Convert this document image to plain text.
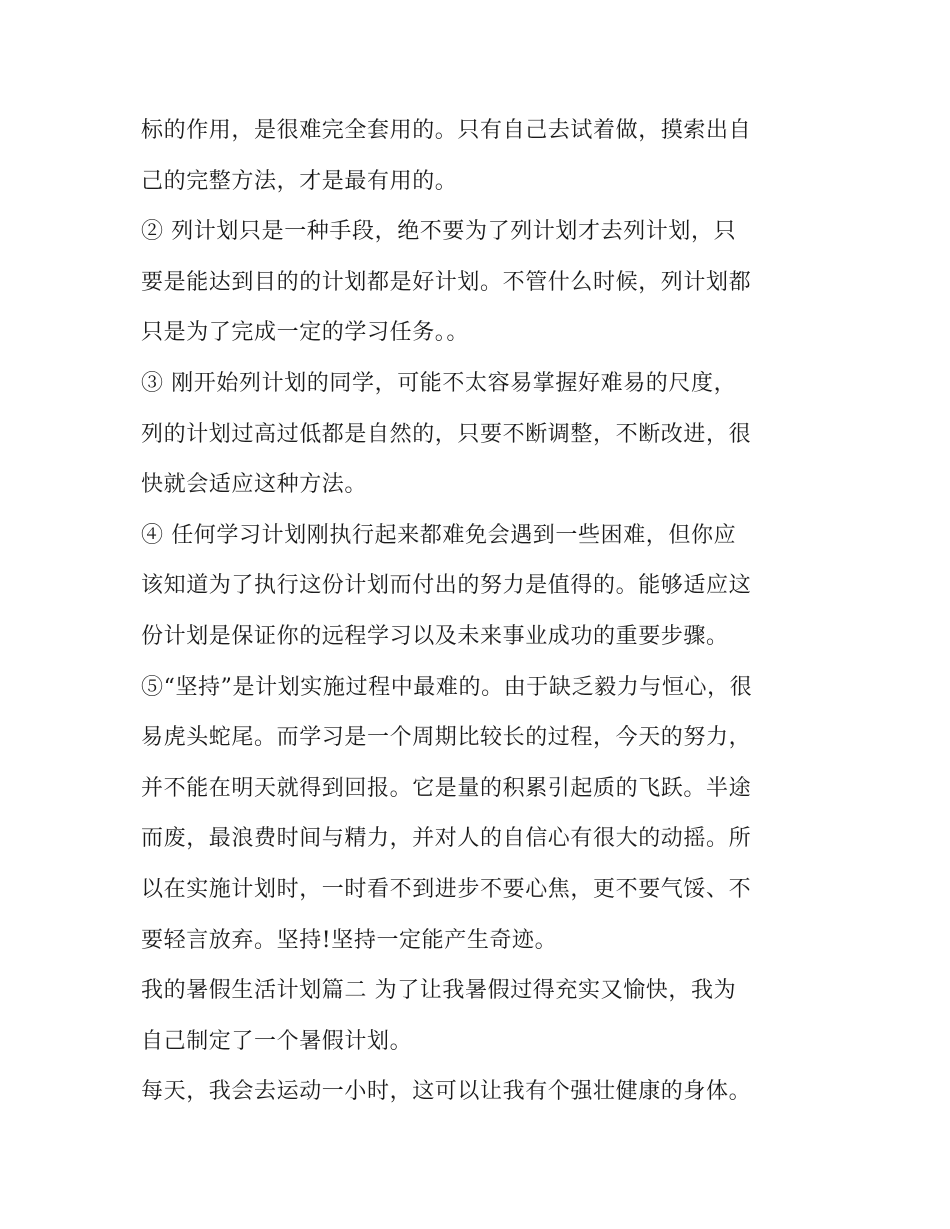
标的作用，是很难完全套用的。只有自己去试着做，摸索出自
己的完整方法，才是最有用的。
② 列计划只是一种手段，绝不要为了列计划才去列计划，只
要是能达到目的的计划都是好计划。不管什么时候，列计划都
只是为了完成一定的学习任务。。
③ 刚开始列计划的同学，可能不太容易掌握好难易的尺度，
列的计划过高过低都是自然的，只要不断调整，不断改进，很
快就会适应这种方法。
④ 任何学习计划刚执行起来都难免会遇到一些困难，但你应
该知道为了执行这份计划而付出的努力是值得的。能够适应这
份计划是保证你的远程学习以及未来事业成功的重要步骤。
⑤“坚持”是计划实施过程中最难的。由于缺乏毅力与恒心，很
易虎头蛇尾。而学习是一个周期比较长的过程，今天的努力，
并不能在明天就得到回报。它是量的积累引起质的飞跃。半途
而废，最浪费时间与精力，并对人的自信心有很大的动摇。所
以在实施计划时，一时看不到进步不要心焦，更不要气馁、不
要轻言放弃。坚持!坚持一定能产生奇迹。
我的暑假生活计划篇二 为了让我暑假过得充实又愉快，我为
自己制定了一个暑假计划。
每天，我会去运动一小时，这可以让我有个强壮健康的身体。
